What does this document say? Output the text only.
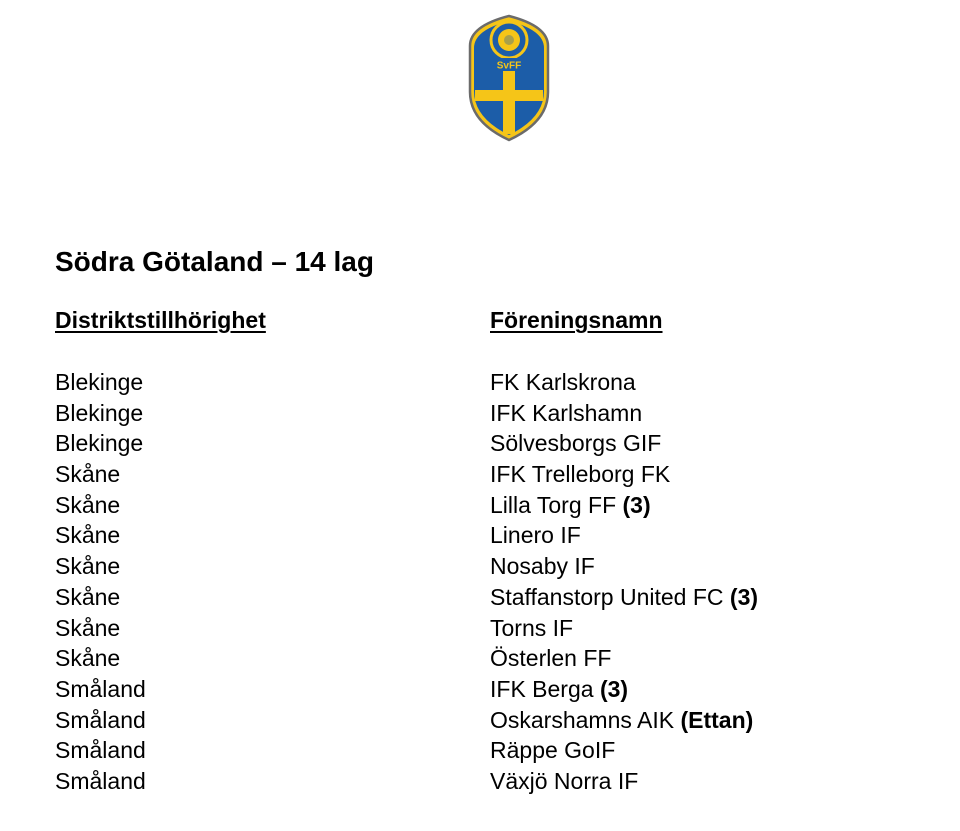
SvFF
Södra Götaland – 14 lag
Distriktstillhörighet	Föreningsnamn
Blekinge	FK Karlskrona
Blekinge	IFK Karlshamn
Blekinge	Sölvesborgs GIF
Skåne	IFK Trelleborg FK
Skåne	Lilla Torg FF (3)
Skåne	Linero IF
Skåne	Nosaby IF
Skåne	Staffanstorp United FC (3)
Skåne	Torns IF
Skåne	Österlen FF
Småland	IFK Berga (3)
Småland	Oskarshamns AIK (Ettan)
Småland	Räppe GoIF
Småland	Växjö Norra IF
